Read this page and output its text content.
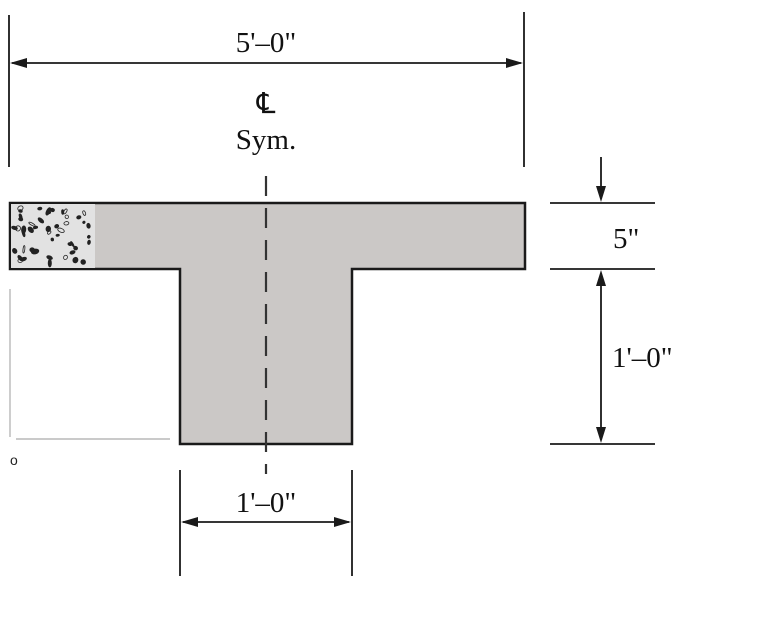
℄
Sym.
5'–0"
5"
1'–0"
1'–0"
o
